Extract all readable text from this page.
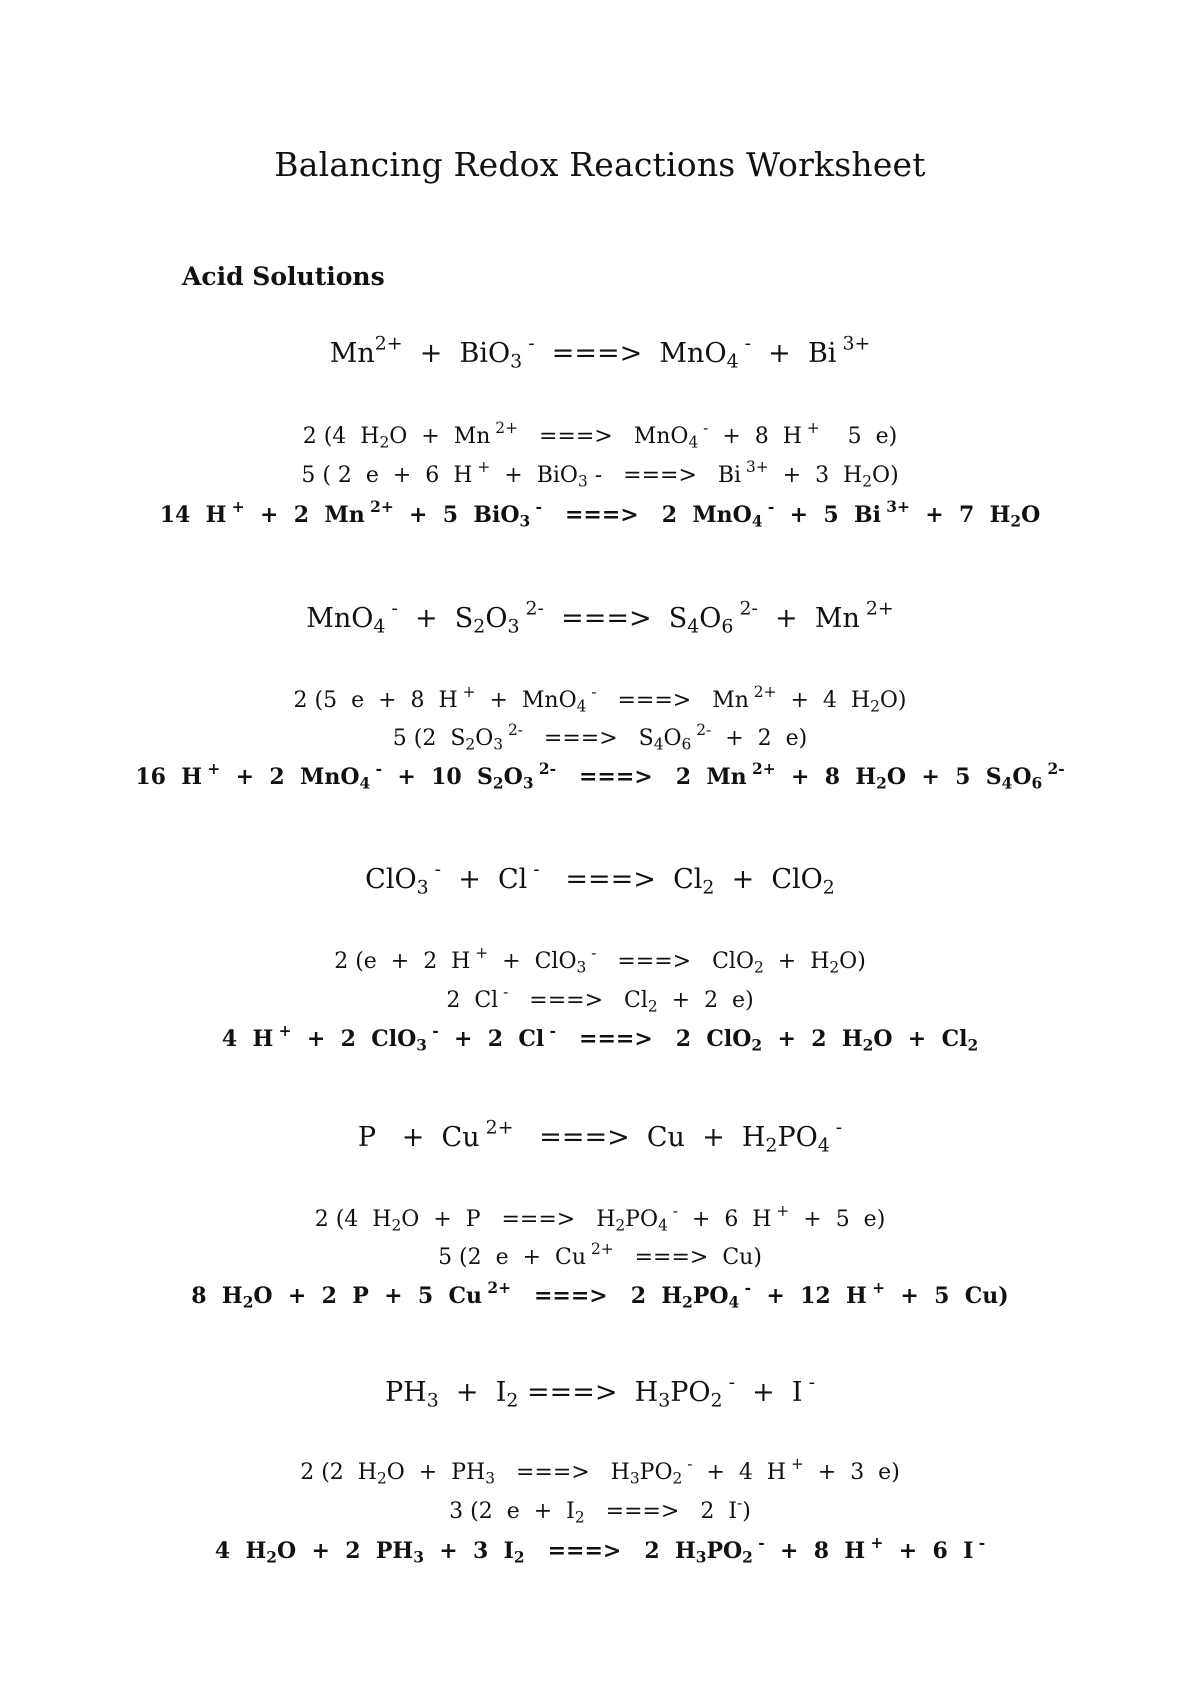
Balancing Redox Reactions Worksheet
Acid Solutions
$Mn^{2+} + BiO_3$ -  ===>  MnO$_4$ -  +  Bi $^{3+}$
2 (4  $H_2O + Mn$ $^{2+}$   ===>   MnO$_4$ -  +  8  H +    5  e)
5 ( 2  e  +  6  H +  +  BiO$_3$ -   ===>   Bi $^{3+}$  +  3  $H_2O$)
14  H +  +  2  Mn $^{2+}$  +  5  BiO$_3$ -   ===>   2  MnO$_4$ -  +  5  Bi $^{3+}$  +  7  $H_2O$
MnO$_4$ $^- + S_2O_3$ $^{2-}$  ===>  $S_4O_6$ $^{2-}$  +  Mn $^{2+}$
2 (5  e  +  8  H +  +  MnO$_4$ -   ===>   Mn $^{2+}$  +  4  $H_2O$)
5 (2  $S_2O_3$ $^{2-}$   ===>   $S_4O_6$ $^{2-}$  +  2  e)
16  H +  +  2  MnO$_4$ -  +  10  $S_2O_3$ $^{2-}$   ===>   2  Mn $^{2+}$  +  8  $H_2O + 5$  $S_4O_6$ $^{2-}$
ClO$_3$ -  +  Cl -   ===>  $Cl_2 + ClO_2$
2 (e  +  2  H +  +  ClO$_3$ -   ===>   $ClO_2 + H_2O$)
2  Cl -   ===>   $Cl_2 + 2$  e)
4  H +  +  2  ClO$_3$ -  +  2  Cl -   ===>   2  ClO$_2$  +  2  $H_2O + Cl_2$
P   +  Cu $^{2+}$   ===>  $Cu + H_2PO_4$ -
2 (4  $H_2O + P$   ===>   $H_2PO_4$ -  +  6  H +  +  5  e)
5 (2  e  +  Cu $^{2+}$   ===>  Cu)
8  $H_2O + 2$  P  +  5  Cu $^{2+}$   ===>   2  $H_2PO_4$ -  +  12  H +  +  5  Cu)
$PH_3 + I_2$ ===>  $H_3PO_2$ -  +  I -
2 (2  $H_2O + PH_3$   ===>   $H_3PO_2$ -  +  4  H +  +  3  e)
3 (2  $e + I_2$   ===>   2  I-)
4  $H_2O + 2$  $PH_3 + 3$  $I_2$   ===>   2  $H_3PO_2$ -  +  8  H +  +  6  I -
